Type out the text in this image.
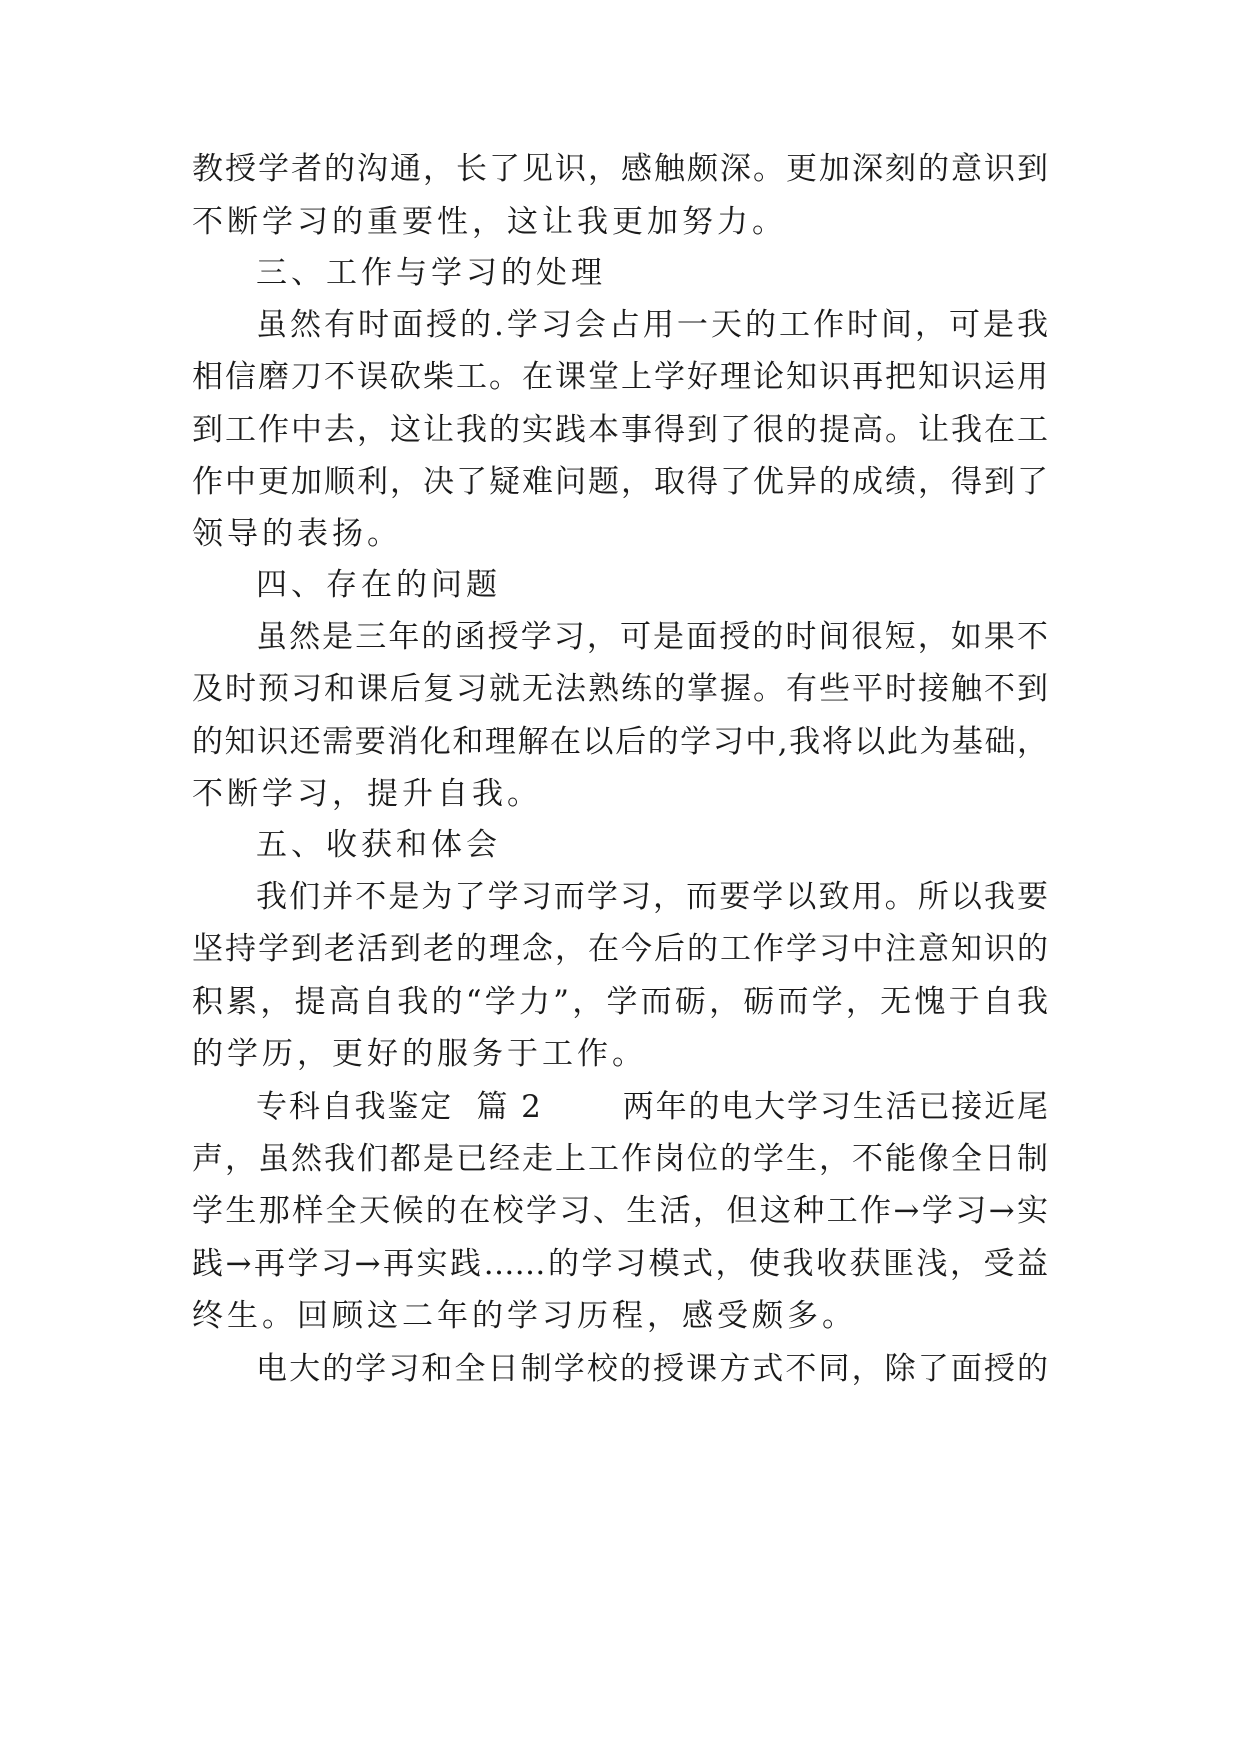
教授学者的沟通，长了见识，感触颇深。更加深刻的意识到
不断学习的重要性，这让我更加努力。
三、工作与学习的处理
虽然有时面授的.学习会占用一天的工作时间，可是我
相信磨刀不误砍柴工。在课堂上学好理论知识再把知识运用
到工作中去，这让我的实践本事得到了很的提高。让我在工
作中更加顺利，决了疑难问题，取得了优异的成绩，得到了
领导的表扬。
四、存在的问题
虽然是三年的函授学习，可是面授的时间很短，如果不
及时预习和课后复习就无法熟练的掌握。有些平时接触不到
的知识还需要消化和理解在以后的学习中,我将以此为基础，
不断学习，提升自我。
五、收获和体会
我们并不是为了学习而学习，而要学以致用。所以我要
坚持学到老活到老的理念，在今后的工作学习中注意知识的
积累，提高自我的“学力”，学而砺，砺而学，无愧于自我
的学历，更好的服务于工作。
专科自我鉴定  篇 2       两年的电大学习生活已接近尾
声，虽然我们都是已经走上工作岗位的学生，不能像全日制
学生那样全天候的在校学习、生活，但这种工作→学习→实
践→再学习→再实践……的学习模式，使我收获匪浅，受益
终生。回顾这二年的学习历程，感受颇多。
电大的学习和全日制学校的授课方式不同，除了面授的
